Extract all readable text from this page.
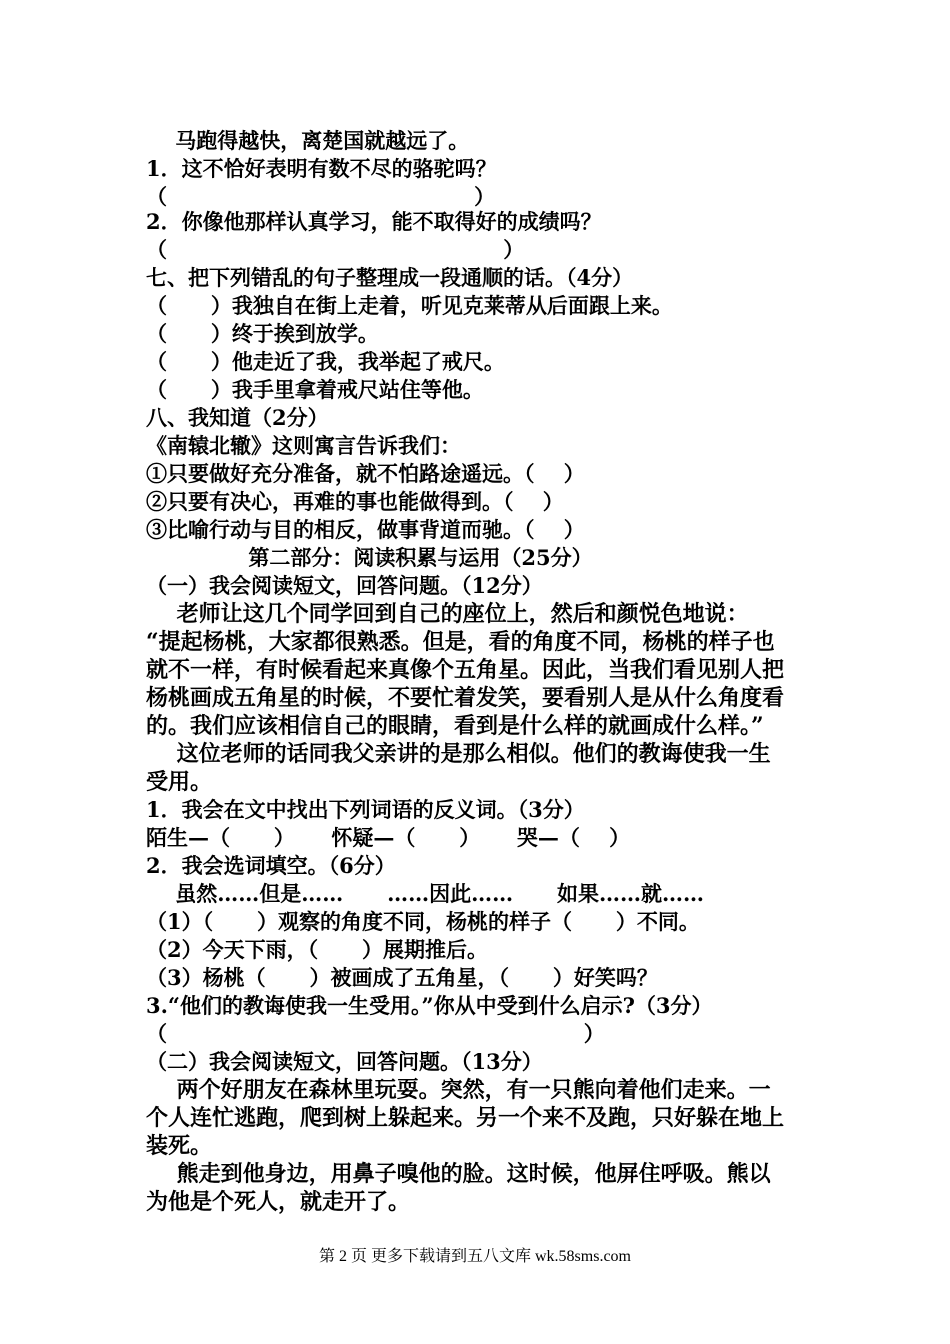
马跑得越快，离楚国就越远了。
1．这不恰好表明有数不尽的骆驼吗？
（                                          ）
2．你像他那样认真学习，能不取得好的成绩吗？
（                                              ）
七、把下列错乱的句子整理成一段通顺的话。（4分）
（      ）我独自在街上走着，听见克莱蒂从后面跟上来。
（      ）终于挨到放学。
（      ）他走近了我，我举起了戒尺。
（      ）我手里拿着戒尺站住等他。
八、我知道（2分）
《南辕北辙》这则寓言告诉我们：
①只要做好充分准备，就不怕路途遥远。（    ）
②只要有决心，再难的事也能做得到。（    ）
③比喻行动与目的相反，做事背道而驰。（    ）
第二部分：阅读积累与运用（25分）
（一）我会阅读短文，回答问题。（12分）
老师让这几个同学回到自己的座位上，然后和颜悦色地说：
“提起杨桃，大家都很熟悉。但是，看的角度不同，杨桃的样子也
就不一样，有时候看起来真像个五角星。因此，当我们看见别人把
杨桃画成五角星的时候，不要忙着发笑，要看别人是从什么角度看
的。我们应该相信自己的眼睛，看到是什么样的就画成什么样。”
这位老师的话同我父亲讲的是那么相似。他们的教诲使我一生
受用。
1．我会在文中找出下列词语的反义词。（3分）
陌生—（      ）     怀疑—（      ）     哭—（    ）
2．我会选词填空。（6分）
虽然……但是……      ……因此……      如果……就……
（1）（      ）观察的角度不同，杨桃的样子（      ）不同。
（2）今天下雨，（      ）展期推后。
（3）杨桃（      ）被画成了五角星，（      ）好笑吗？
3.“他们的教诲使我一生受用。”你从中受到什么启示?（3分）
（                                                         ）
（二）我会阅读短文，回答问题。（13分）
两个好朋友在森林里玩耍。突然，有一只熊向着他们走来。一
个人连忙逃跑，爬到树上躲起来。另一个来不及跑，只好躲在地上
装死。
熊走到他身边，用鼻子嗅他的脸。这时候，他屏住呼吸。熊以
为他是个死人，就走开了。
第 2 页 更多下载请到五八文库 wk.58sms.com
